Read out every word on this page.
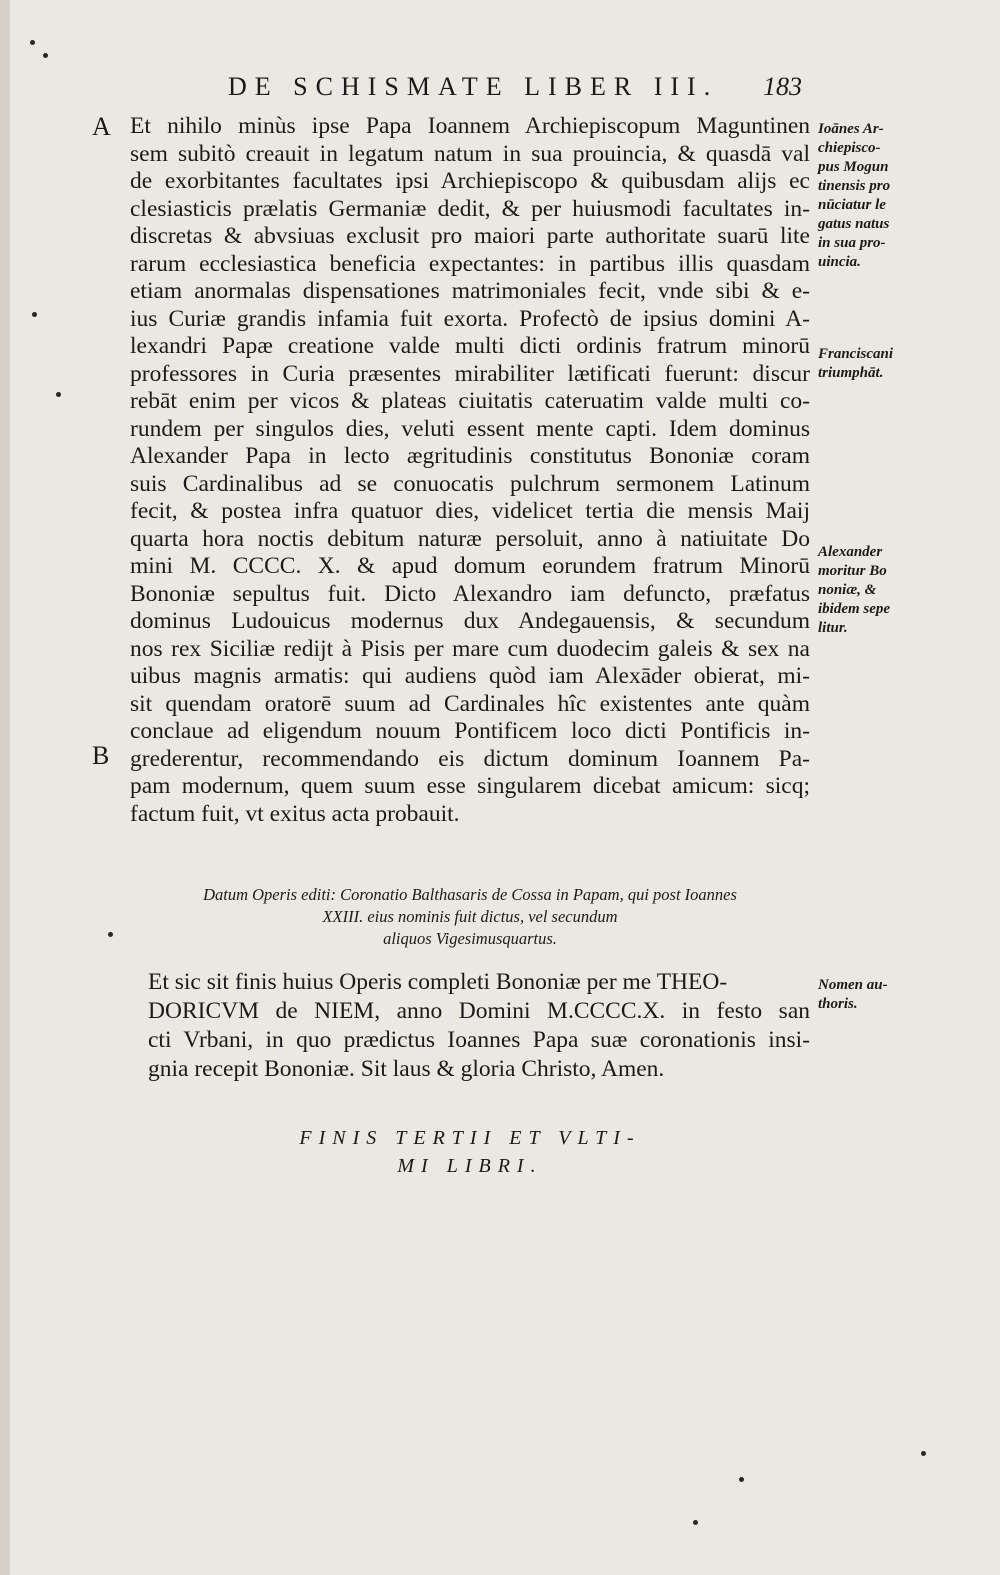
DE SCHISMATE LIBER III. 183
A
B
Et nihilo minùs ipse Papa Ioannem Archiepiscopum Maguntinen
sem subitò creauit in legatum natum in sua prouincia, & quasdā val
de exorbitantes facultates ipsi Archiepiscopo & quibusdam alijs ec
clesiasticis prælatis Germaniæ dedit, & per huiusmodi facultates in-
discretas & abvsiuas exclusit pro maiori parte authoritate suarū lite
rarum ecclesiastica beneficia expectantes: in partibus illis quasdam
etiam anormalas dispensationes matrimoniales fecit, vnde sibi & e-
ius Curiæ grandis infamia fuit exorta. Profectò de ipsius domini A-
lexandri Papæ creatione valde multi dicti ordinis fratrum minorū
professores in Curia præsentes mirabiliter lætificati fuerunt: discur
rebāt enim per vicos & plateas ciuitatis cateruatim valde multi co-
rundem per singulos dies, veluti essent mente capti. Idem dominus
Alexander Papa in lecto ægritudinis constitutus Bononiæ coram
suis Cardinalibus ad se conuocatis pulchrum sermonem Latinum
fecit, & postea infra quatuor dies, videlicet tertia die mensis Maij
quarta hora noctis debitum naturæ persoluit, anno à natiuitate Do
mini M. CCCC. X. & apud domum eorundem fratrum Minorū
Bononiæ sepultus fuit. Dicto Alexandro iam defuncto, præfatus
dominus Ludouicus modernus dux Andegauensis, & secundum
nos rex Siciliæ redijt à Pisis per mare cum duodecim galeis & sex na
uibus magnis armatis: qui audiens quòd iam Alexāder obierat, mi-
sit quendam oratorē suum ad Cardinales hîc existentes ante quàm
conclaue ad eligendum nouum Pontificem loco dicti Pontificis in-
grederentur, recommendando eis dictum dominum Ioannem Pa-
pam modernum, quem suum esse singularem dicebat amicum: sicq;
factum fuit, vt exitus acta probauit.
Ioānes Ar-
chiepisco-
pus Mogun
tinensis pro
nūciatur le
gatus natus
in sua pro-
uincia.
Franciscani
triumphāt.
Alexander
moritur Bo
noniæ, &
ibidem sepe
litur.
Datum Operis editi: Coronatio Balthasaris de Cossa in Papam, qui post Ioannes
XXIII. eius nominis fuit dictus, vel secundum
aliquos Vigesimusquartus.
Et sic sit finis huius Operis completi Bononiæ per me THEO-
DORICVM de NIEM, anno Domini M.CCCC.X. in festo san
cti Vrbani, in quo prædictus Ioannes Papa suæ coronationis insi-
gnia recepit Bononiæ. Sit laus & gloria Christo, Amen.
Nomen au-
thoris.
FINIS TERTII ET VLTI-
MI LIBRI.
